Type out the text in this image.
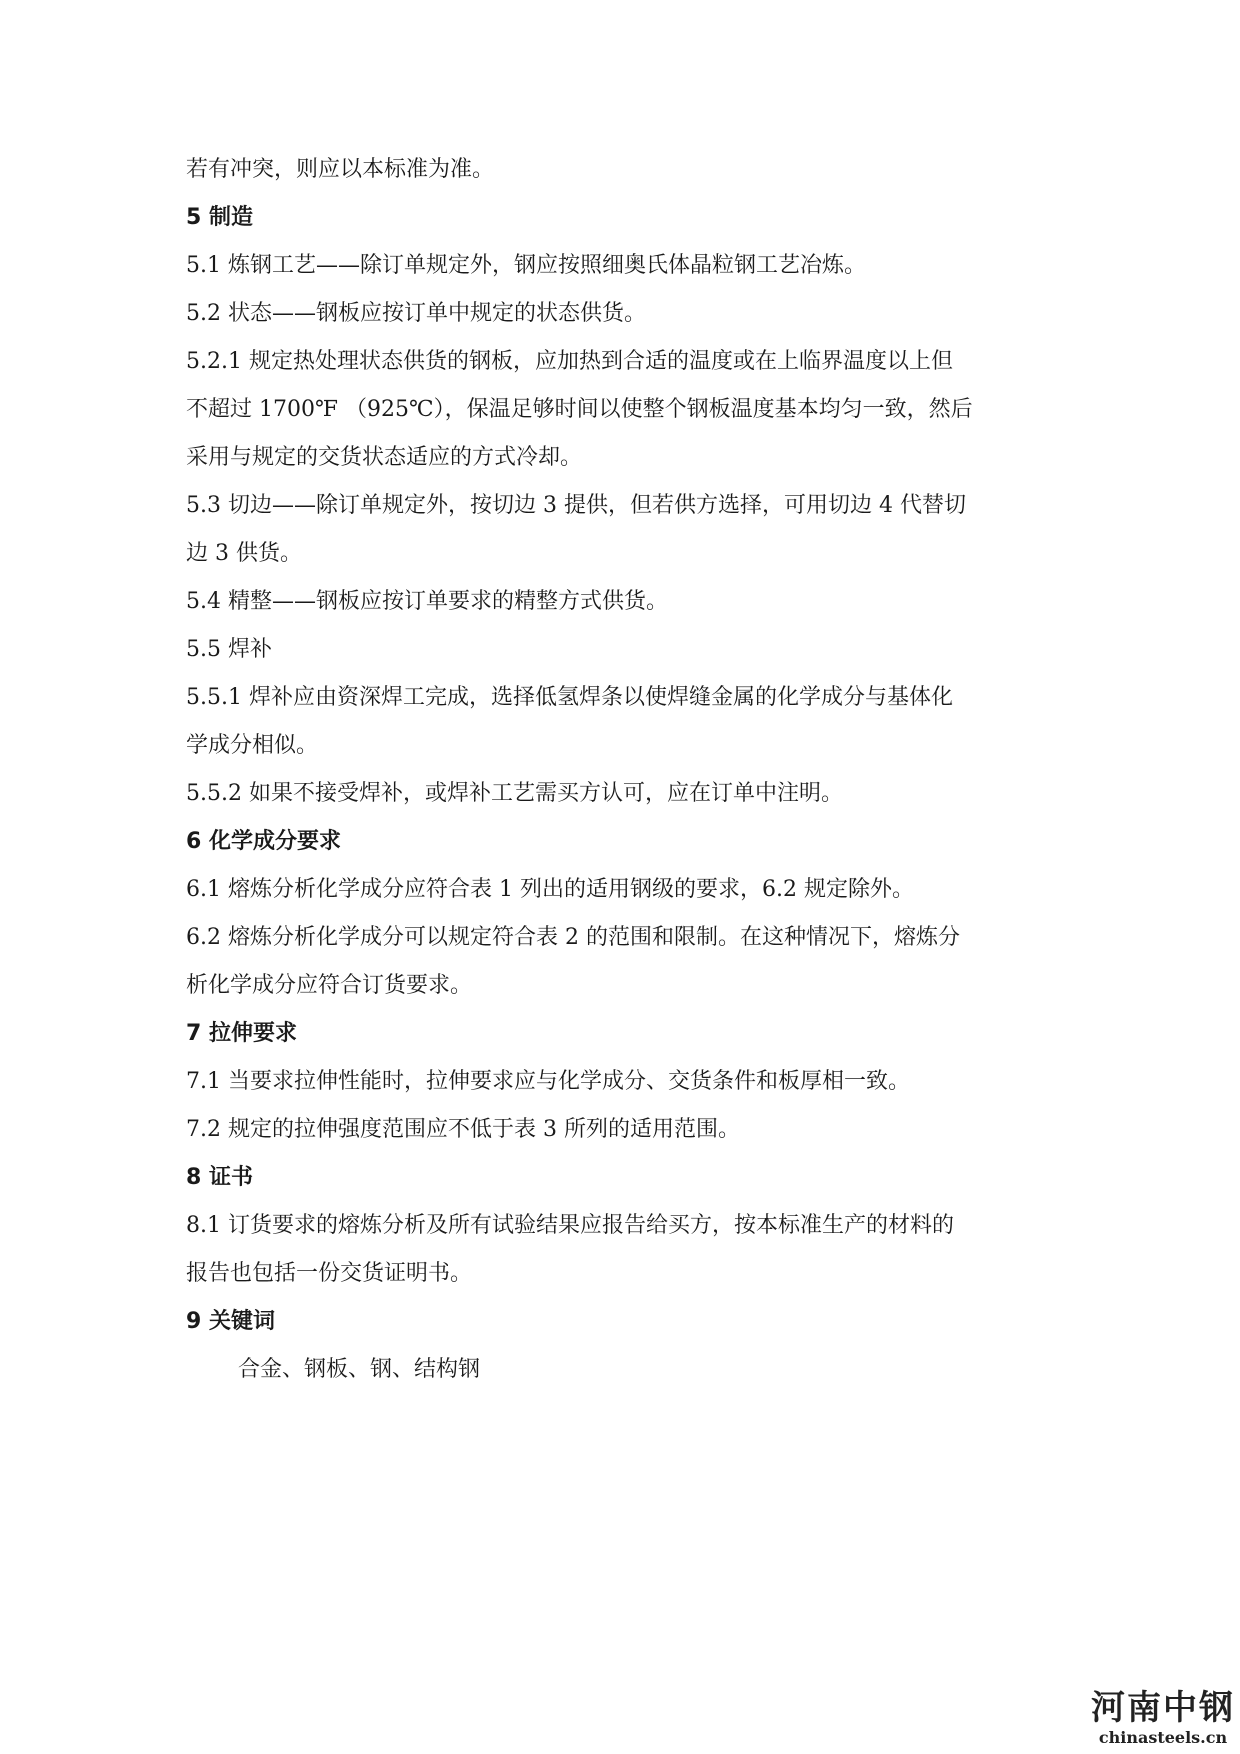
若有冲突，则应以本标准为准。

5 制造

5.1 炼钢工艺——除订单规定外，钢应按照细奥氏体晶粒钢工艺冶炼。

5.2 状态——钢板应按订单中规定的状态供货。

5.2.1 规定热处理状态供货的钢板，应加热到合适的温度或在上临界温度以上但

不超过 1700℉ （925℃），保温足够时间以使整个钢板温度基本均匀一致，然后

采用与规定的交货状态适应的方式冷却。

5.3 切边——除订单规定外，按切边 3 提供，但若供方选择，可用切边 4 代替切

边 3 供货。

5.4 精整——钢板应按订单要求的精整方式供货。

5.5 焊补

5.5.1 焊补应由资深焊工完成，选择低氢焊条以使焊缝金属的化学成分与基体化

学成分相似。

5.5.2 如果不接受焊补，或焊补工艺需买方认可，应在订单中注明。

6 化学成分要求

6.1 熔炼分析化学成分应符合表 1 列出的适用钢级的要求，6.2 规定除外。

6.2 熔炼分析化学成分可以规定符合表 2 的范围和限制。在这种情况下，熔炼分

析化学成分应符合订货要求。

7 拉伸要求

7.1 当要求拉伸性能时，拉伸要求应与化学成分、交货条件和板厚相一致。

7.2 规定的拉伸强度范围应不低于表 3 所列的适用范围。

8 证书

8.1 订货要求的熔炼分析及所有试验结果应报告给买方，按本标准生产的材料的

报告也包括一份交货证明书。

9 关键词

合金、钢板、钢、结构钢

河南中钢
chinasteels.cn
